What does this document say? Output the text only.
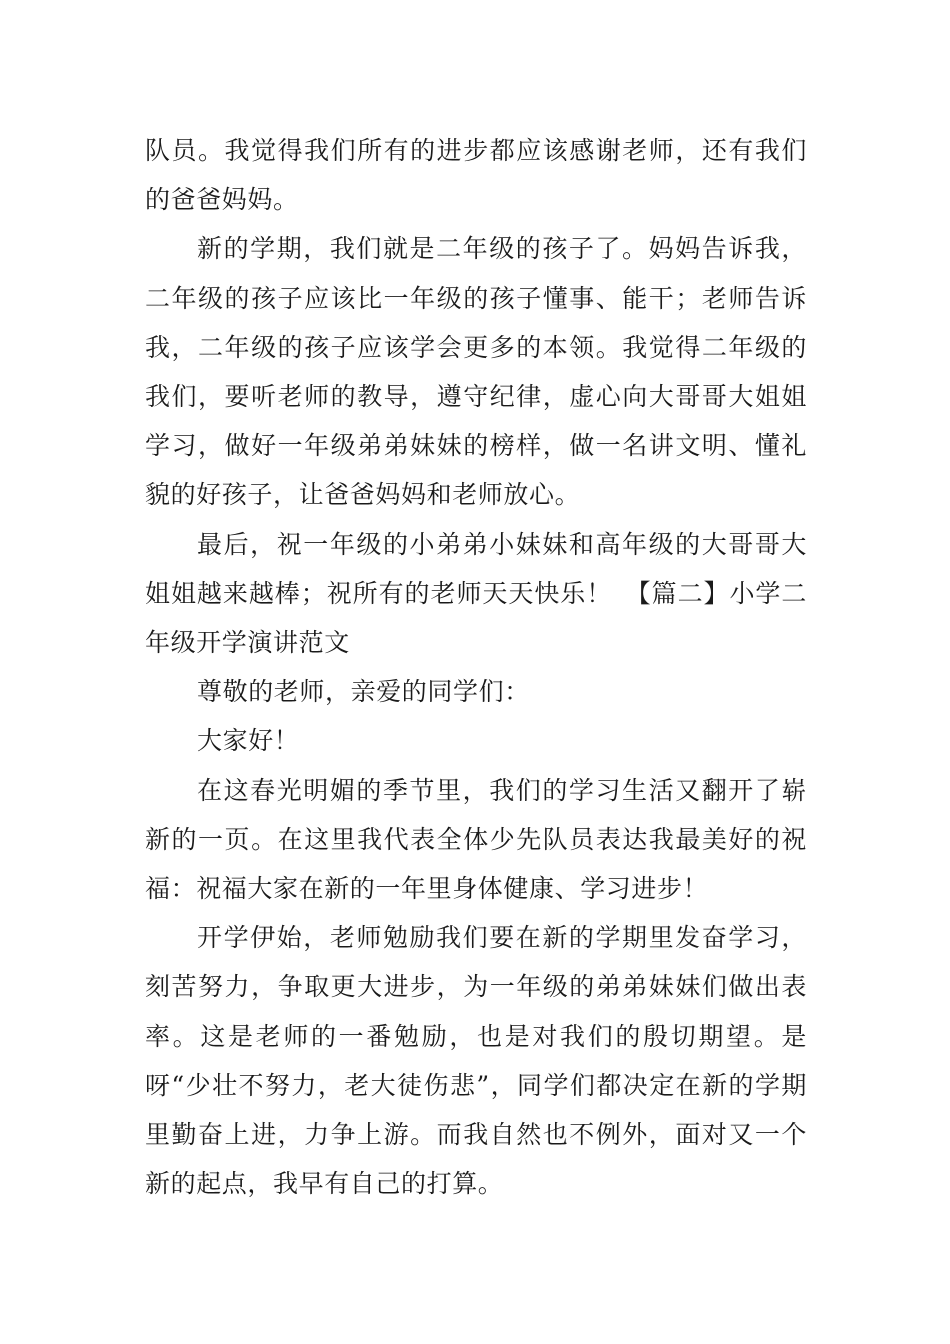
队员。我觉得我们所有的进步都应该感谢老师，还有我们的爸爸妈妈。

新的学期，我们就是二年级的孩子了。妈妈告诉我，二年级的孩子应该比一年级的孩子懂事、能干；老师告诉我，二年级的孩子应该学会更多的本领。我觉得二年级的我们，要听老师的教导，遵守纪律，虚心向大哥哥大姐姐学习，做好一年级弟弟妹妹的榜样，做一名讲文明、懂礼貌的好孩子，让爸爸妈妈和老师放心。

最后，祝一年级的小弟弟小妹妹和高年级的大哥哥大姐姐越来越棒；祝所有的老师天天快乐！　【篇二】小学二年级开学演讲范文

尊敬的老师，亲爱的同学们：

大家好！

在这春光明媚的季节里，我们的学习生活又翻开了崭新的一页。在这里我代表全体少先队员表达我最美好的祝福：祝福大家在新的一年里身体健康、学习进步！

开学伊始，老师勉励我们要在新的学期里发奋学习，刻苦努力，争取更大进步，为一年级的弟弟妹妹们做出表率。这是老师的一番勉励，也是对我们的殷切期望。是呀“少壮不努力，老大徒伤悲”，同学们都决定在新的学期里勤奋上进，力争上游。而我自然也不例外，面对又一个新的起点，我早有自己的打算。
